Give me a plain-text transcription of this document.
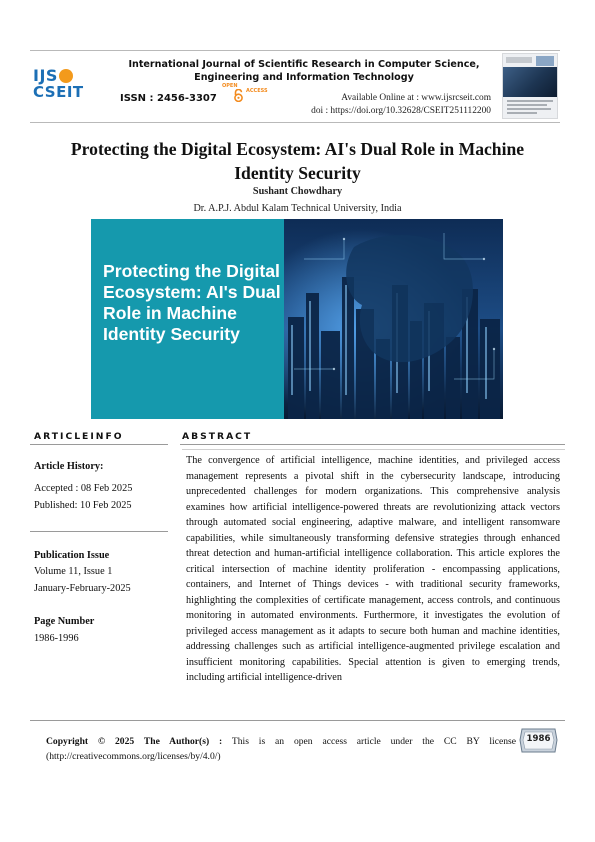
IJS R
CSEIT
International Journal of Scientific Research in Computer Science, Engineering and Information Technology
ISSN : 2456-3307
OPEN
ACCESS
Available Online at : www.ijsrcseit.com
doi : https://doi.org/10.32628/CSEIT251112200
Protecting the Digital Ecosystem: AI's Dual Role in Machine Identity Security
Sushant Chowdhary
Dr. A.P.J. Abdul Kalam Technical University, India
Protecting the Digital Ecosystem: AI's Dual Role in Machine Identity Security
ARTICLEINFO	ABSTRACT
Article History:
Accepted : 08 Feb 2025
Published: 10 Feb 2025
Publication Issue
Volume 11, Issue 1
January-February-2025
Page Number
1986-1996
The convergence of artificial intelligence, machine identities, and privileged access management represents a pivotal shift in the cybersecurity landscape, introducing unprecedented challenges for modern organizations. This comprehensive analysis examines how artificial intelligence-powered threats are revolutionizing attack vectors through automated social engineering, adaptive malware, and intelligent ransomware capabilities, while simultaneously transforming defensive strategies through enhanced threat detection and human-artificial intelligence collaboration. This article explores the critical intersection of machine identity proliferation - encompassing applications, containers, and Internet of Things devices - with traditional security frameworks, highlighting the complexities of certificate management, access controls, and continuous monitoring in automated environments. Furthermore, it investigates the evolution of privileged access management as it adapts to secure both human and machine identities, addressing challenges such as artificial intelligence-augmented privilege escalation and insufficient monitoring capabilities. Special attention is given to emerging trends, including artificial intelligence-driven
Copyright © 2025 The Author(s) : This is an open access article under the CC BY license (http://creativecommons.org/licenses/by/4.0/)
1986
